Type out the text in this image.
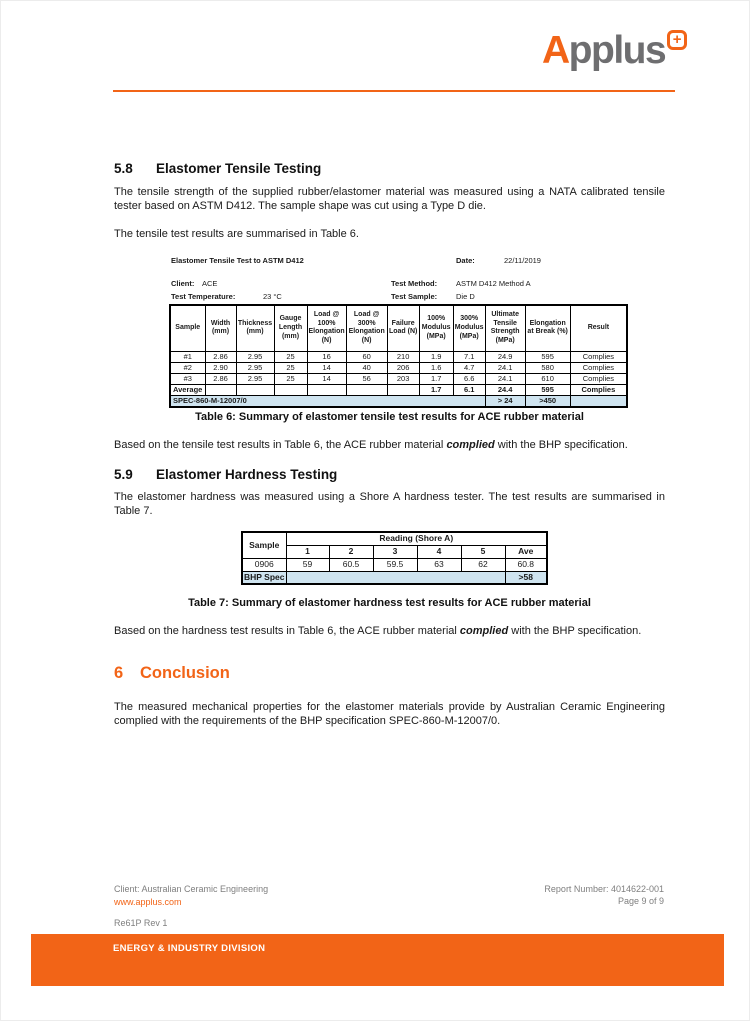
Applus +
5.8	Elastomer Tensile Testing
The tensile strength of the supplied rubber/elastomer material was measured using a NATA calibrated tensile tester based on ASTM D412. The sample shape was cut using a Type D die.
The tensile test results are summarised in Table 6.
Elastomer Tensile Test to ASTM D412	Date:	22/11/2019
Client: ACE	Test Method:	ASTM D412 Method A
Test Temperature:	23 °C	Test Sample:	Die D
Sample	Width (mm)	Thickness (mm)	Gauge Length (mm)	Load @ 100% Elongation (N)	Load @ 300% Elongation (N)	Failure Load (N)	100% Modulus (MPa)	300% Modulus (MPa)	Ultimate Tensile Strength (MPa)	Elongation at Break (%)	Result
#1	2.86	2.95	25	16	60	210	1.9	7.1	24.9	595	Complies
#2	2.90	2.95	25	14	40	206	1.6	4.7	24.1	580	Complies
#3	2.86	2.95	25	14	56	203	1.7	6.6	24.1	610	Complies
Average							1.7	6.1	24.4	595	Complies
SPEC-860-M-12007/0									> 24	>450	
Table 6: Summary of elastomer tensile test results for ACE rubber material
Based on the tensile test results in Table 6, the ACE rubber material complied with the BHP specification.
5.9	Elastomer Hardness Testing
The elastomer hardness was measured using a Shore A hardness tester. The test results are summarised in Table 7.
Sample	Reading (Shore A)					
	1	2	3	4	5	Ave
0906	59	60.5	59.5	63	62	60.8
BHP Spec						>58
Table 7: Summary of elastomer hardness test results for ACE rubber material
Based on the hardness test results in Table 6, the ACE rubber material complied with the BHP specification.
6	Conclusion
The measured mechanical properties for the elastomer materials provide by Australian Ceramic Engineering complied with the requirements of the BHP specification SPEC-860-M-12007/0.
Client: Australian Ceramic Engineering
www.applus.com
Report Number: 4014622-001
Page 9 of 9
Re61P Rev 1
ENERGY & INDUSTRY DIVISION
